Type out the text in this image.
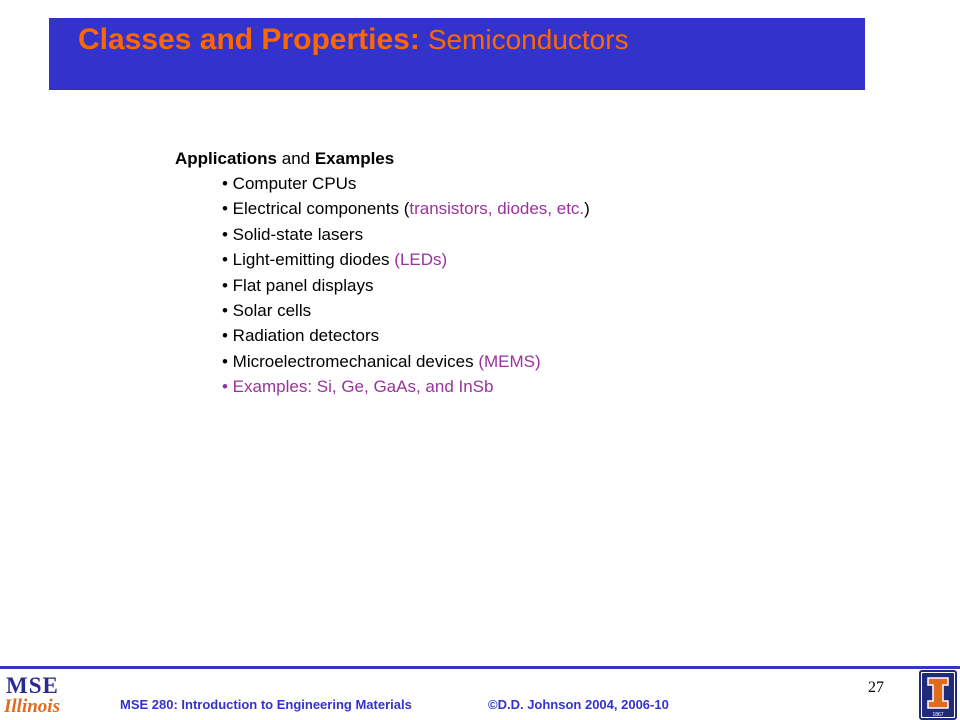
Classes and Properties: Semiconductors
Applications and Examples
• Computer CPUs
• Electrical components (transistors, diodes, etc.)
• Solid-state lasers
• Light-emitting diodes (LEDs)
• Flat panel displays
• Solar cells
• Radiation detectors
• Microelectromechanical devices (MEMS)
• Examples: Si, Ge, GaAs, and InSb
MSE
Illinois	MSE 280: Introduction to Engineering Materials	©D.D. Johnson 2004, 2006-10
27
1867
